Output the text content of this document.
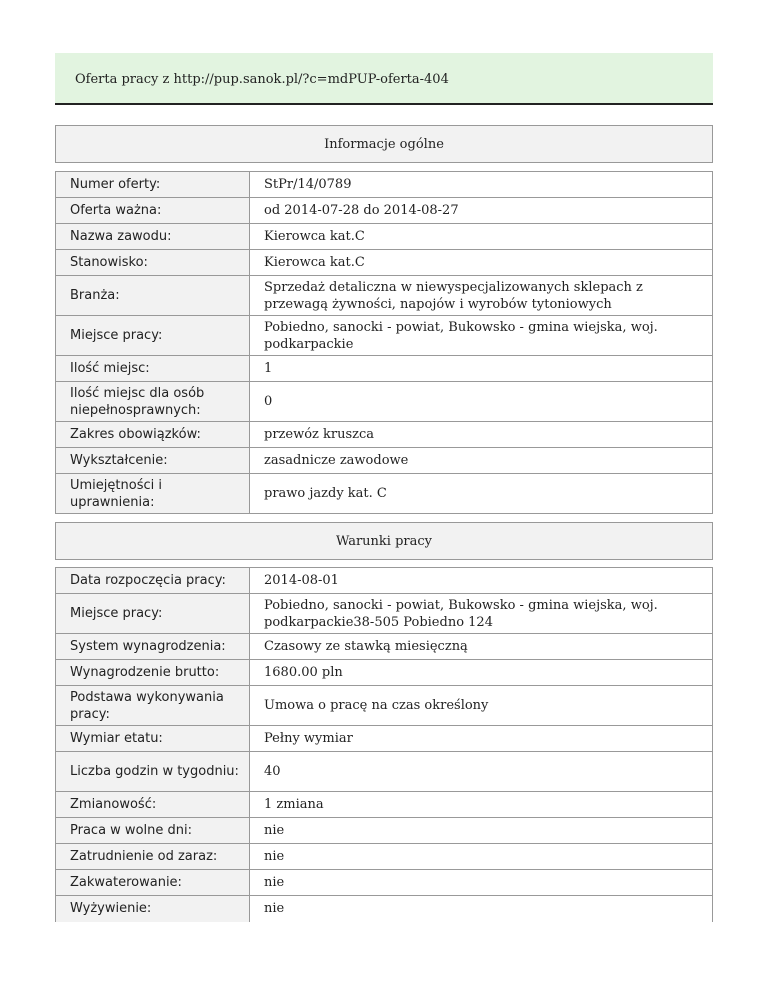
Oferta pracy z http://pup.sanok.pl/?c=mdPUP-oferta-404
Informacje ogólne
Numer oferty:	StPr/14/0789
Oferta ważna:	od 2014-07-28 do 2014-08-27
Nazwa zawodu:	Kierowca kat.C
Stanowisko:	Kierowca kat.C
Branża:	Sprzedaż detaliczna w niewyspecjalizowanych sklepach z przewagą żywności, napojów i wyrobów tytoniowych
Miejsce pracy:	Pobiedno, sanocki - powiat, Bukowsko - gmina wiejska, woj. podkarpackie
Ilość miejsc:	1
Ilość miejsc dla osób niepełnosprawnych:	0
Zakres obowiązków:	przewóz kruszca
Wykształcenie:	zasadnicze zawodowe
Umiejętności i uprawnienia:	prawo jazdy kat. C
Warunki pracy
Data rozpoczęcia pracy:	2014-08-01
Miejsce pracy:	Pobiedno, sanocki - powiat, Bukowsko - gmina wiejska, woj. podkarpackie38-505 Pobiedno 124
System wynagrodzenia:	Czasowy ze stawką miesięczną
Wynagrodzenie brutto:	1680.00 pln
Podstawa wykonywania pracy:	Umowa o pracę na czas określony
Wymiar etatu:	Pełny wymiar
Liczba godzin w tygodniu:	40
Zmianowość:	1 zmiana
Praca w wolne dni:	nie
Zatrudnienie od zaraz:	nie
Zakwaterowanie:	nie
Wyżywienie:	nie
